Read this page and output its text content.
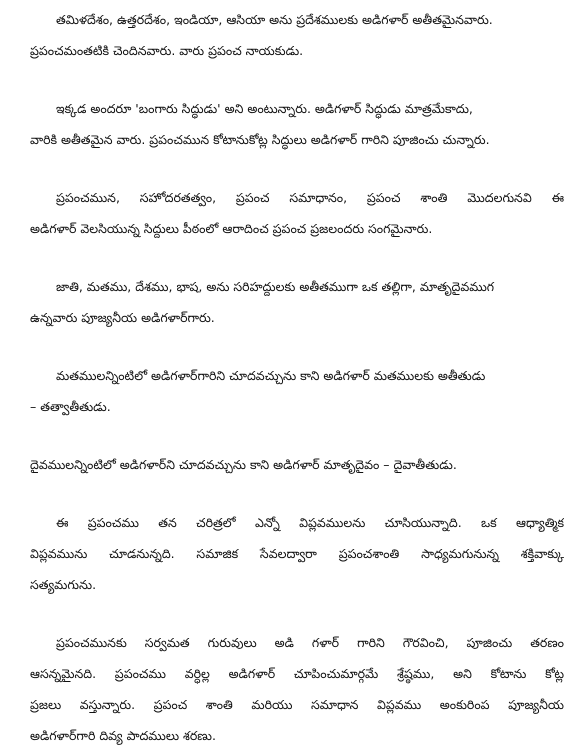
తమిళదేశం, ఉత్తరదేశం, ఇండియా, ఆసియా అను ప్రదేశములకు అడిగళార్ అతీతమైనవారు.
ప్రపంచమంతటికి చెందినవారు. వారు ప్రపంచ నాయకుడు.
ఇక్కడ అందరూ 'బంగారు సిద్ధుడు' అని అంటున్నారు. అడిగళార్ సిద్ధుడు మాత్రమేకాదు,
వారికి అతీతమైన వారు. ప్రపంచమున కోటానుకోట్ల సిద్ధులు అడిగళార్ గారిని పూజించు చున్నారు.
ప్రపంచమున, సహోదరతత్వం, ప్రపంచ సమాధానం, ప్రపంచ శాంతి మొదలగునవి ఈ
అడిగళార్ వెలసియున్న సిద్దులు పీఠంలో ఆరాదించ ప్రపంచ ప్రజలందరు సంగమైనారు.
జాతి, మతము, దేశము, భాష, అను సరిహద్దులకు అతీతముగా ఒక తల్లిగా, మాతృదైవముగ
ఉన్నవారు పూజ్యనీయ అడిగళార్‌గారు.
మతములన్నింటిలో అడిగళార్‌గారిని చూదవచ్చును కాని అడిగళార్ మతములకు అతీతుడు
– తత్వాతీతుడు.
దైవములన్నింటిలో అడిగళార్‌ని చూదవచ్చును కాని అడిగళార్ మాతృదైవం – దైవాతీతుడు.
ఈ ప్రపంచము తన చరిత్రలో ఎన్నో విప్లవములను చూసియున్నాది. ఒక ఆధ్యాత్మిక
విప్లవమును చూడనున్నది. సమాజిక సేవలద్వారా ప్రపంచశాంతి సాధ్యమగునున్న శక్తివాక్కు
సత్యమగును.
ప్రపంచమునకు సర్వమత గురువులు అడి గళార్ గారిని గౌరవించి, పూజించు తరణం
ఆసన్నమైనది. ప్రపంచము వర్ధిల్ల అడిగళార్ చూపించుమార్గమే శ్రేష్ఠము, అని కోటాను కోట్ల
ప్రజలు వస్తున్నారు. ప్రపంచ శాంతి మరియు సమాధాన విప్లవము అంకురింప పూజ్యనీయ
అడిగళార్‌గారి దివ్య పాదములు శరణు.
